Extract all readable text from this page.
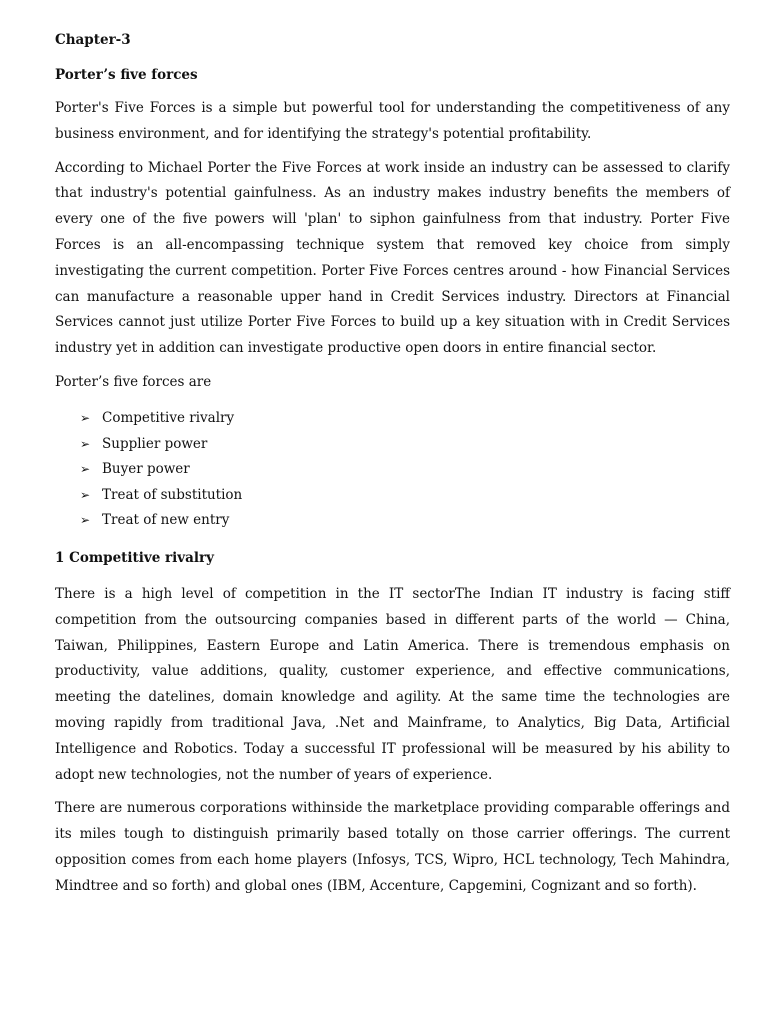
Chapter-3

Porter’s five forces

Porter's Five Forces is a simple but powerful tool for understanding the competitiveness of any business environment, and for identifying the strategy's potential profitability.

According to Michael Porter the Five Forces at work inside an industry can be assessed to clarify that industry's potential gainfulness. As an industry makes industry benefits the members of every one of the five powers will 'plan' to siphon gainfulness from that industry. Porter Five Forces is an all-encompassing technique system that removed key choice from simply investigating the current competition. Porter Five Forces centres around - how Financial Services can manufacture a reasonable upper hand in Credit Services industry. Directors at Financial Services cannot just utilize Porter Five Forces to build up a key situation with in Credit Services industry yet in addition can investigate productive open doors in entire financial sector.

Porter’s five forces are

➢ Competitive rivalry
➢ Supplier power
➢ Buyer power
➢ Treat of substitution
➢ Treat of new entry

1 Competitive rivalry

There is a high level of competition in the IT sectorThe Indian IT industry is facing stiff competition from the outsourcing companies based in different parts of the world — China, Taiwan, Philippines, Eastern Europe and Latin America. There is tremendous emphasis on productivity, value additions, quality, customer experience, and effective communications, meeting the datelines, domain knowledge and agility. At the same time the technologies are moving rapidly from traditional Java, .Net and Mainframe, to Analytics, Big Data, Artificial Intelligence and Robotics. Today a successful IT professional will be measured by his ability to adopt new technologies, not the number of years of experience.

There are numerous corporations withinside the marketplace providing comparable offerings and its miles tough to distinguish primarily based totally on those carrier offerings. The current opposition comes from each home players (Infosys, TCS, Wipro, HCL technology, Tech Mahindra, Mindtree and so forth) and global ones (IBM, Accenture, Capgemini, Cognizant and so forth).
